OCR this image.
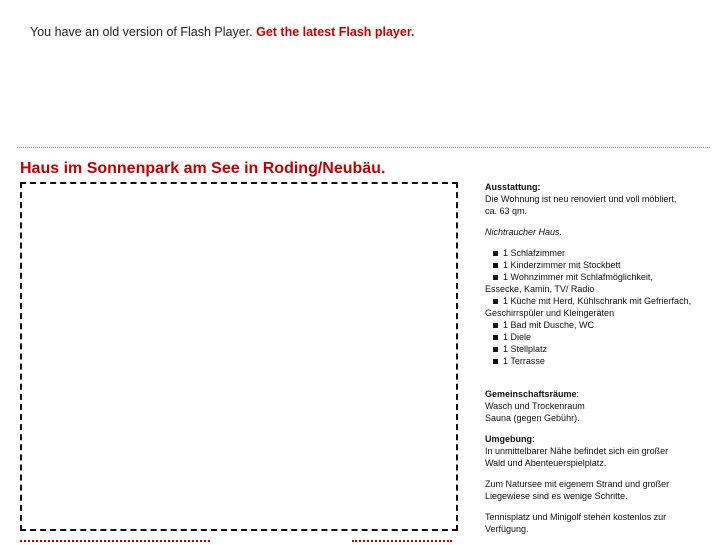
You have an old version of Flash Player. Get the latest Flash player.
Haus im Sonnenpark am See in Roding/Neubäu.

Ausstattung:

Die Wohnung ist neu renoviert und voll möbliert,

ca. 63 qm.

Nichtraucher Haus.

1 Schlafzimmer
1 Kinderzimmer mit Stockbett
1 Wohnzimmer mit Schlafmöglichkeit,
Essecke, Kamin, TV/ Radio
1 Küche mit Herd, Kühlschrank mit Gefrierfach,
Geschirrspüler und Kleingeräten
1 Bad mit Dusche, WC
1 Diele
1 Stellplatz
1 Terrasse

Gemeinschaftsräume:

Wasch und Trockenraum

Sauna (gegen Gebühr).

Umgebung:

In unmittelbarer Nähe befindet sich ein großer

Wald und Abenteuerspielplatz.

Zum Natursee mit eigenem Strand und großer

Liegewiese sind es wenige Schritte.

Tennisplatz und Minigolf stehen kostenlos zur

Verfügung.
